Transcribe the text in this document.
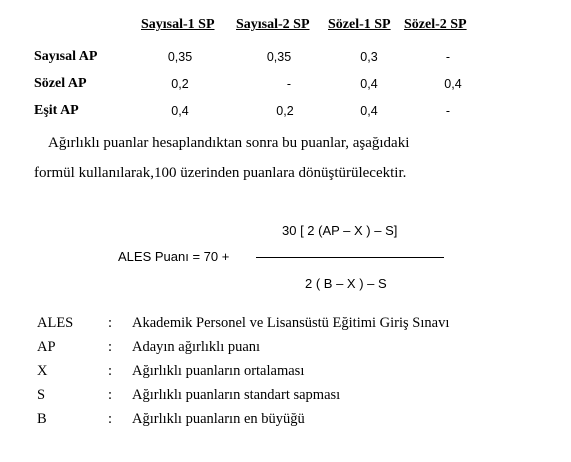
Sayısal-1 SP Sayısal-2 SP Sözel-1 SP Sözel-2 SP
Sayısal AP	0,35	0,35	0,3	-
Sözel AP	0,2	-	0,4	0,4
Eşit AP	0,4	0,2	0,4	-
Ağırlıklı puanlar hesaplandıktan sonra bu puanlar, aşağıdaki
formül kullanılarak,100 üzerinden puanlara dönüştürülecektir.
30 [ 2 (AP – X ) – S]
ALES Puanı = 70 +
2 ( B – X ) – S
ALES : Akademik Personel ve Lisansüstü Eğitimi Giriş Sınavı
AP	: Adayın ağırlıklı puanı
X	: Ağırlıklı puanların ortalaması
S	: Ağırlıklı puanların standart sapması
B	: Ağırlıklı puanların en büyüğü
